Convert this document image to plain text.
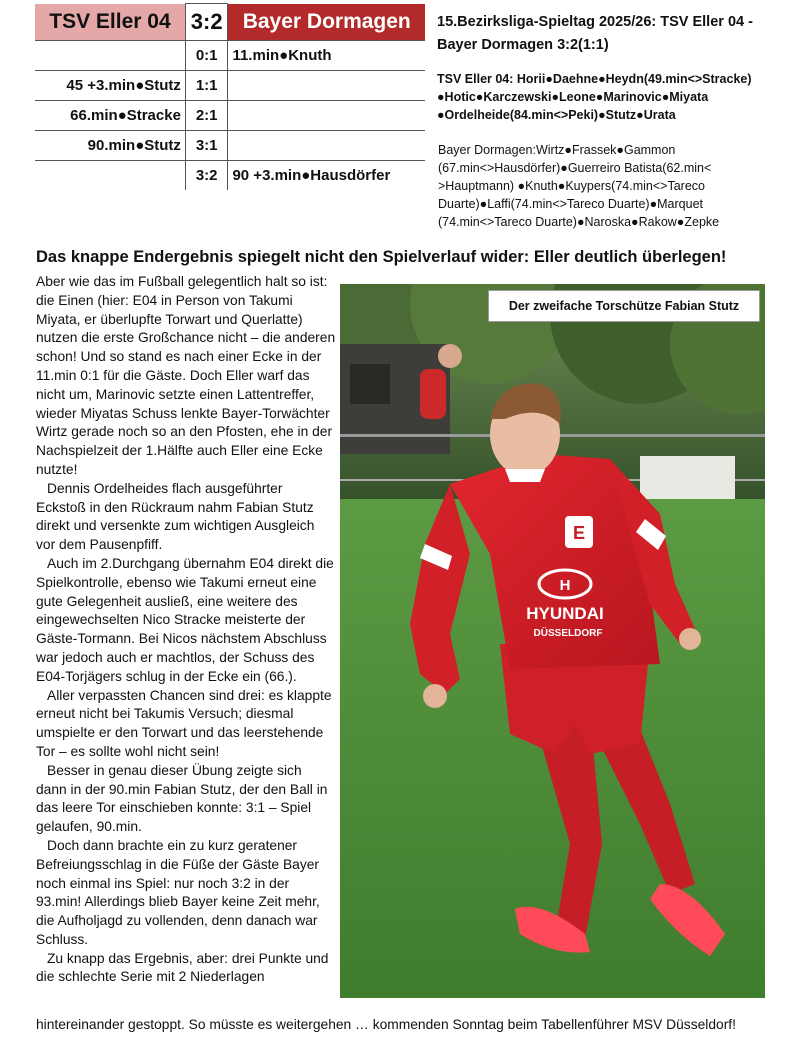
TSV Eller 04	3:2	Bayer Dormagen
	0:1	11.min●Knuth
45 +3.min●Stutz	1:1	
66.min●Stracke	2:1	
90.min●Stutz	3:1	
	3:2	90 +3.min●Hausdörfer

15.Bezirksliga-Spieltag 2025/26: TSV Eller 04 - Bayer Dormagen 3:2(1:1)

TSV Eller 04: Horii●Daehne●Heydn(49.min<>Stracke) ●Hotic●Karczewski●Leone●Marinovic●Miyata ●Ordelheide(84.min<>Peki)●Stutz●Urata

Bayer Dormagen:Wirtz●Frassek●Gammon (67.min<>Hausdörfer)●Guerreiro Batista(62.min< >Hauptmann) ●Knuth●Kuypers(74.min<>Tareco Duarte)●Laffi(74.min<>Tareco Duarte)●Marquet (74.min<>Tareco Duarte)●Naroska●Rakow●Zepke

Das knappe Endergebnis spiegelt nicht den Spielverlauf wider: Eller deutlich überlegen!

Aber wie das im Fußball gelegentlich halt so ist: die Einen (hier: E04 in Person von Takumi Miyata, er überlupfte Torwart und Querlatte) nutzen die erste Großchance nicht – die anderen schon! Und so stand es nach einer Ecke in der 11.min 0:1 für die Gäste. Doch Eller warf das nicht um, Marinovic setzte einen Lattentreffer, wieder Miyatas Schuss lenkte Bayer-Torwächter Wirtz gerade noch so an den Pfosten, ehe in der Nachspielzeit der 1.Hälfte auch Eller eine Ecke nutzte!

Dennis Ordelheides flach ausgeführter Eckstoß in den Rückraum nahm Fabian Stutz direkt und versenkte zum wichtigen Ausgleich vor dem Pausenpfiff.

Auch im 2.Durchgang übernahm E04 direkt die Spielkontrolle, ebenso wie Takumi erneut eine gute Gelegenheit ausließ, eine weitere des eingewechselten Nico Stracke meisterte der Gäste-Tormann. Bei Nicos nächstem Abschluss war jedoch auch er machtlos, der Schuss des E04-Torjägers schlug in der Ecke ein (66.).

Aller verpassten Chancen sind drei: es klappte erneut nicht bei Takumis Versuch; diesmal umspielte er den Torwart und das leerstehende Tor – es sollte wohl nicht sein!

Besser in genau dieser Übung zeigte sich dann in der 90.min Fabian Stutz, der den Ball in das leere Tor einschieben konnte: 3:1 – Spiel gelaufen, 90.min.

Doch dann brachte ein zu kurz geratener Befreiungsschlag in die Füße der Gäste Bayer noch einmal ins Spiel: nur noch 3:2 in der 93.min! Allerdings blieb Bayer keine Zeit mehr, die Aufholjagd zu vollenden, denn danach war Schluss.

Zu knapp das Ergebnis, aber: drei Punkte und die schlechte Serie mit 2 Niederlagen

hintereinander gestoppt. So müsste es weitergehen … kommenden Sonntag beim Tabellenführer MSV Düsseldorf!

E
H
HYUNDAI
DÜSSELDORF
Der zweifache Torschütze Fabian Stutz
